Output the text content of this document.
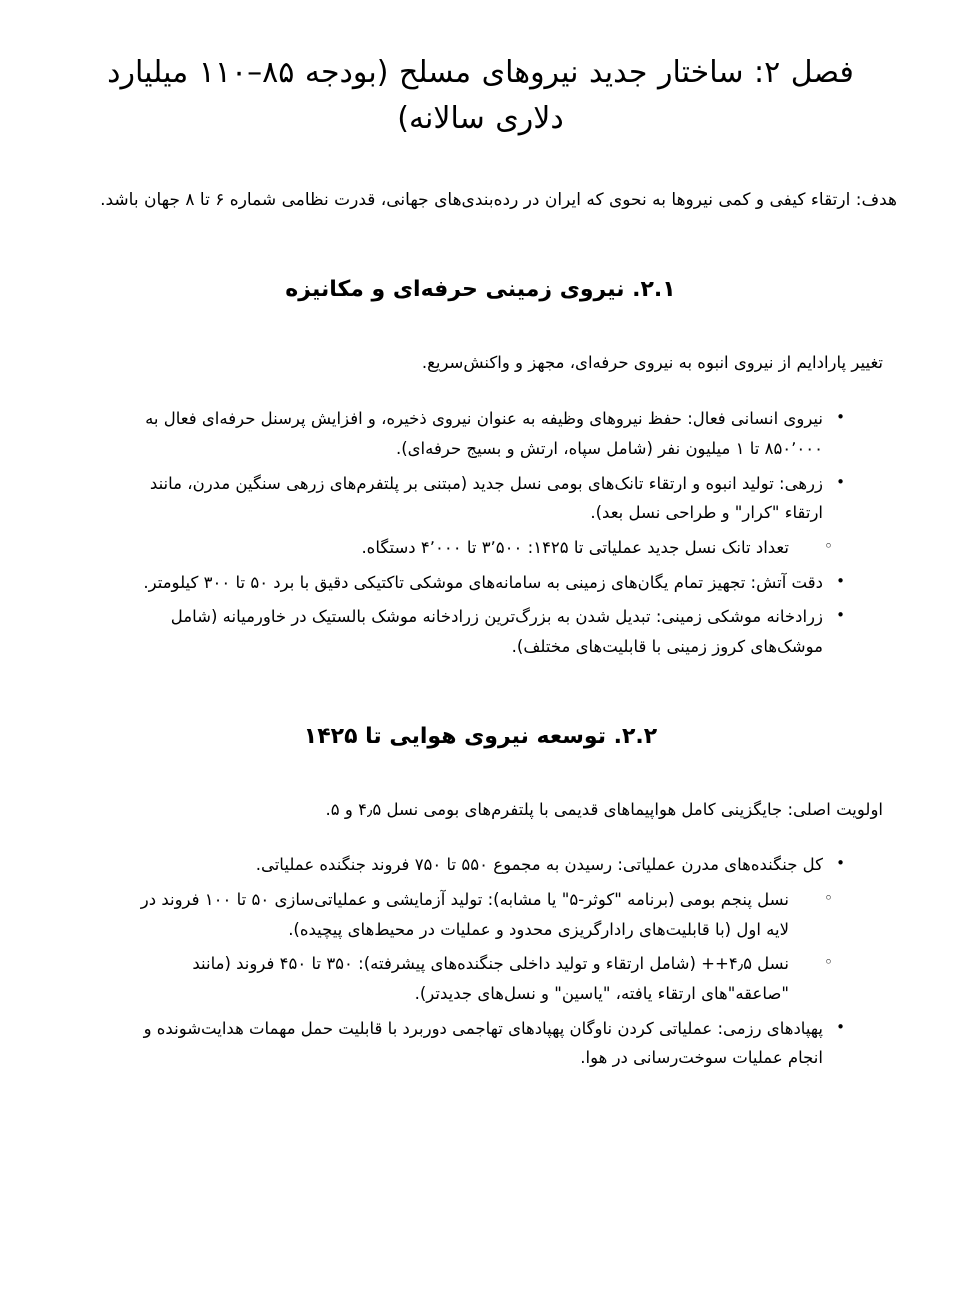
فصل ۲: ساختار جدید نیروهای مسلح (بودجه ۸۵–۱۱۰ میلیارد دلاری سالانه)

هدف: ارتقاء کیفی و کمی نیروها به نحوی که ایران در رده‌بندی‌های جهانی، قدرت نظامی شماره ۶ تا ۸ جهان باشد.

۲.۱. نیروی زمینی حرفه‌ای و مکانیزه

تغییر پارادایم از نیروی انبوه به نیروی حرفه‌ای، مجهز و واکنش‌سریع.

• نیروی انسانی فعال: حفظ نیروهای وظیفه به عنوان نیروی ذخیره، و افزایش پرسنل حرفه‌ای فعال به ۸۵۰٬۰۰۰ تا ۱ میلیون نفر (شامل سپاه، ارتش و بسیج حرفه‌ای).
• زرهی: تولید انبوه و ارتقاء تانک‌های بومی نسل جدید (مبتنی بر پلتفرم‌های زرهی سنگین مدرن، مانند ارتقاء "کرار" و طراحی نسل بعد).
◦ تعداد تانک نسل جدید عملیاتی تا ۱۴۲۵: ۳٬۵۰۰ تا ۴٬۰۰۰ دستگاه.
• دقت آتش: تجهیز تمام یگان‌های زمینی به سامانه‌های موشکی تاکتیکی دقیق با برد ۵۰ تا ۳۰۰ کیلومتر.
• زرادخانه موشکی زمینی: تبدیل شدن به بزرگ‌ترین زرادخانه موشک بالستیک در خاورمیانه (شامل موشک‌های کروز زمینی با قابلیت‌های مختلف).
۲.۲. توسعه نیروی هوایی تا ۱۴۲۵

اولویت اصلی: جایگزینی کامل هواپیماهای قدیمی با پلتفرم‌های بومی نسل ۴٫۵ و ۵.

• کل جنگنده‌های مدرن عملیاتی: رسیدن به مجموع ۵۵۰ تا ۷۵۰ فروند جنگنده عملیاتی.
◦ نسل پنجم بومی (برنامه "کوثر-۵" یا مشابه): تولید آزمایشی و عملیاتی‌سازی ۵۰ تا ۱۰۰ فروند در لایه اول (با قابلیت‌های رادارگریزی محدود و عملیات در محیط‌های پیچیده).
◦ نسل ۴٫۵++ (شامل ارتقاء و تولید داخلی جنگنده‌های پیشرفته): ۳۵۰ تا ۴۵۰ فروند (مانند "صاعقه"های ارتقاء یافته، "یاسین" و نسل‌های جدیدتر).
• پهپادهای رزمی: عملیاتی کردن ناوگان پهپادهای تهاجمی دوربرد با قابلیت حمل مهمات هدایت‌شونده و انجام عملیات سوخت‌رسانی در هوا.
